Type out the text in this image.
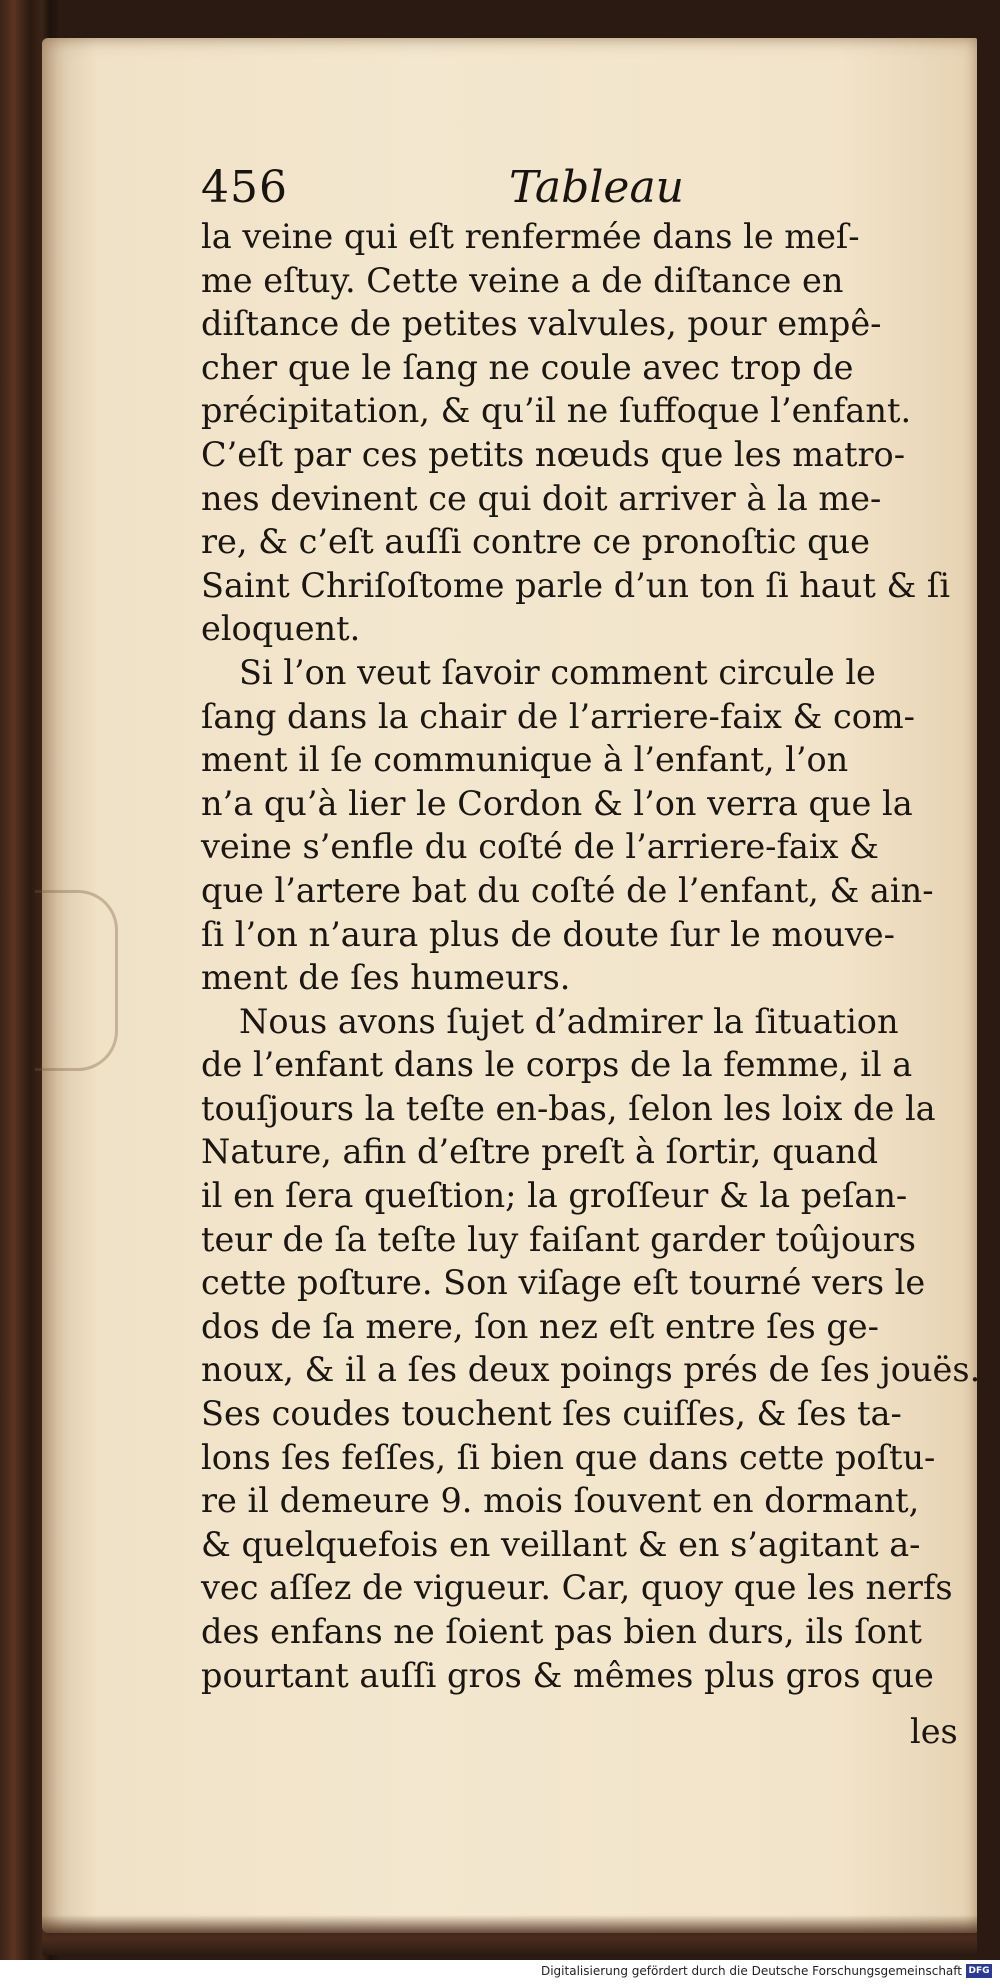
456	Tableau
la veine qui eſt renfermée dans le meſ-
me eſtuy. Cette veine a de diſtance en
diſtance de petites valvules, pour empê-
cher que le ſang ne coule avec trop de
précipitation, & qu’il ne ſuffoque l’enfant.
C’eſt par ces petits nœuds que les matro-
nes devinent ce qui doit arriver à la me-
re, & c’eſt auſſi contre ce pronoſtic que
Saint Chriſoſtome parle d’un ton ſi haut & ſi
eloquent.
Si l’on veut ſavoir comment circule le
ſang dans la chair de l’arriere-faix & com-
ment il ſe communique à l’enfant, l’on
n’a qu’à lier le Cordon & l’on verra que la
veine s’enfle du coſté de l’arriere-faix &
que l’artere bat du coſté de l’enfant, & ain-
ſi l’on n’aura plus de doute ſur le mouve-
ment de ſes humeurs.
Nous avons ſujet d’admirer la ſituation
de l’enfant dans le corps de la femme, il a
touſjours la teſte en-bas, ſelon les loix de la
Nature, afin d’eſtre preſt à ſortir, quand
il en ſera queſtion; la groſſeur & la peſan-
teur de ſa teſte luy faiſant garder toûjours
cette poſture. Son viſage eſt tourné vers le
dos de ſa mere, ſon nez eſt entre ſes ge-
noux, & il a ſes deux poings prés de ſes jouës.
Ses coudes touchent ſes cuiſſes, & ſes ta-
lons ſes feſſes, ſi bien que dans cette poſtu-
re il demeure 9. mois ſouvent en dormant,
& quelquefois en veillant & en s’agitant a-
vec aſſez de vigueur. Car, quoy que les nerfs
des enfans ne ſoient pas bien durs, ils ſont
pourtant auſſi gros & mêmes plus gros que
les
Digitalisierung gefördert durch die Deutsche Forschungsgemeinschaft DFG
